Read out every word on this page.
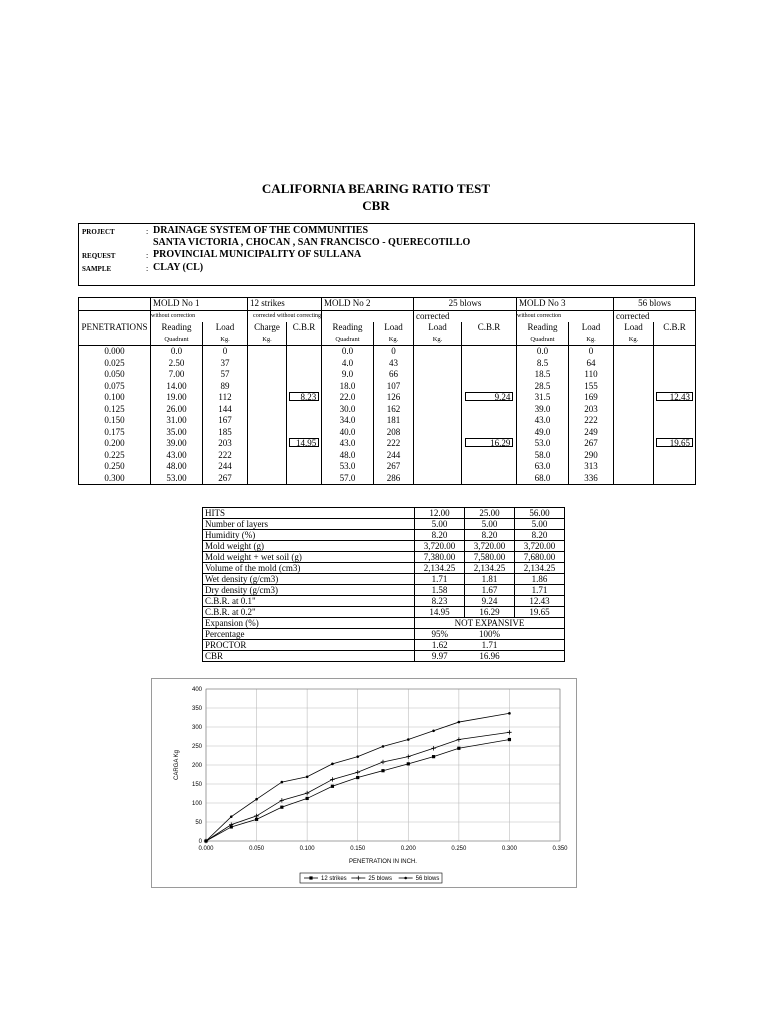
CALIFORNIA BEARING RATIO TEST
CBR
PROJECT	: DRAINAGE SYSTEM OF THE COMMUNITIES
SANTA VICTORIA , CHOCAN , SAN FRANCISCO - QUERECOTILLO
REQUEST	: PROVINCIAL MUNICIPALITY OF SULLANA
SAMPLE	: CLAY (CL)
	MOLD No 1		12 strikes		MOLD No 2		25 blows		MOLD No 3		56 blows	
	without correction		corrected without correcting				corrected		without correction		corrected	
PENETRATIONS	Reading	Load	Charge	C.B.R	Reading	Load	Load	C.B.R	Reading	Load	Load	C.B.R
	Quadrant	Kg.	Kg.		Quadrant	Kg.	Kg.		Quadrant	Kg.	Kg.	
0.000	0.0	0			0.0	0			0.0	0		
0.025	2.50	37			4.0	43			8.5	64		
0.050	7.00	57			9.0	66			18.5	110		
0.075	14.00	89			18.0	107			28.5	155		
0.100	19.00	112		8.23	22.0	126		9.24	31.5	169		12.43
0.125	26.00	144			30.0	162			39.0	203		
0.150	31.00	167			34.0	181			43.0	222		
0.175	35.00	185			40.0	208			49.0	249		
0.200	39.00	203		14.95	43.0	222		16.29	53.0	267		19.65
0.225	43.00	222			48.0	244			58.0	290		
0.250	48.00	244			53.0	267			63.0	313		
0.300	53.00	267			57.0	286			68.0	336		
HITS	12.00	25.00	56.00
Number of layers	5.00	5.00	5.00
Humidity (%)	8.20	8.20	8.20
Mold weight (g)	3,720.00	3,720.00	3,720.00
Mold weight + wet soil (g)	7,380.00	7,580.00	7,680.00
Volume of the mold (cm3)	2,134.25	2,134.25	2,134.25
Wet density (g/cm3)	1.71	1.81	1.86
Dry density (g/cm3)	1.58	1.67	1.71
C.B.R. at 0.1"	8.23	9.24	12.43
C.B.R. at 0.2"	14.95	16.29	19.65
Expansion (%)	NOT EXPANSIVE		
Percentage	95%	100%	
PROCTOR	1.62	1.71	
CBR	9.97	16.96	
0
50
100
150
200
250
300
350
400
0.000	0.050	0.100	0.150	0.200	0.250	0.300	0.350
PENETRATION IN INCH.
CARGA Kg
12 strikes	25 blows	56 blows
